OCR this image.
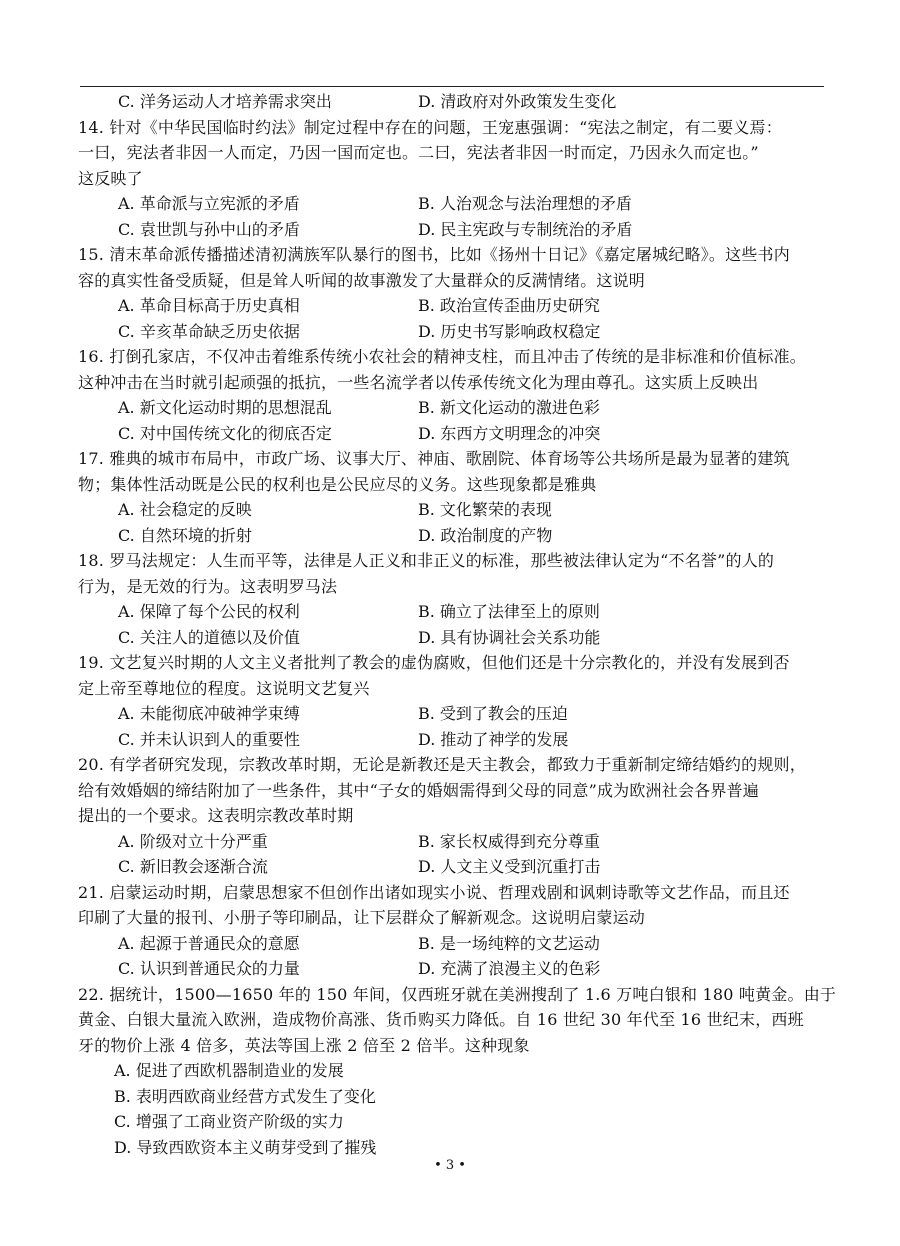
C. 洋务运动人才培养需求突出	D. 清政府对外政策发生变化
14. 针对《中华民国临时约法》制定过程中存在的问题，王宠惠强调：“宪法之制定，有二要义焉：
一曰，宪法者非因一人而定，乃因一国而定也。二曰，宪法者非因一时而定，乃因永久而定也。”
这反映了
A. 革命派与立宪派的矛盾	B. 人治观念与法治理想的矛盾
C. 袁世凯与孙中山的矛盾	D. 民主宪政与专制统治的矛盾
15. 清末革命派传播描述清初满族军队暴行的图书，比如《扬州十日记》《嘉定屠城纪略》。这些书内
容的真实性备受质疑，但是耸人听闻的故事激发了大量群众的反满情绪。这说明
A. 革命目标高于历史真相	B. 政治宣传歪曲历史研究
C. 辛亥革命缺乏历史依据	D. 历史书写影响政权稳定
16. 打倒孔家店，不仅冲击着维系传统小农社会的精神支柱，而且冲击了传统的是非标准和价值标准。
这种冲击在当时就引起顽强的抵抗，一些名流学者以传承传统文化为理由尊孔。这实质上反映出
A. 新文化运动时期的思想混乱	B. 新文化运动的激进色彩
C. 对中国传统文化的彻底否定	D. 东西方文明理念的冲突
17. 雅典的城市布局中，市政广场、议事大厅、神庙、歌剧院、体育场等公共场所是最为显著的建筑
物；集体性活动既是公民的权利也是公民应尽的义务。这些现象都是雅典
A. 社会稳定的反映	B. 文化繁荣的表现
C. 自然环境的折射	D. 政治制度的产物
18. 罗马法规定：人生而平等，法律是人正义和非正义的标准，那些被法律认定为“不名誉”的人的
行为，是无效的行为。这表明罗马法
A. 保障了每个公民的权利	B. 确立了法律至上的原则
C. 关注人的道德以及价值	D. 具有协调社会关系功能
19. 文艺复兴时期的人文主义者批判了教会的虚伪腐败，但他们还是十分宗教化的，并没有发展到否
定上帝至尊地位的程度。这说明文艺复兴
A. 未能彻底冲破神学束缚	B. 受到了教会的压迫
C. 并未认识到人的重要性	D. 推动了神学的发展
20. 有学者研究发现，宗教改革时期，无论是新教还是天主教会，都致力于重新制定缔结婚约的规则，
给有效婚姻的缔结附加了一些条件，其中“子女的婚姻需得到父母的同意”成为欧洲社会各界普遍
提出的一个要求。这表明宗教改革时期
A. 阶级对立十分严重	B. 家长权威得到充分尊重
C. 新旧教会逐渐合流	D. 人文主义受到沉重打击
21. 启蒙运动时期，启蒙思想家不但创作出诸如现实小说、哲理戏剧和讽刺诗歌等文艺作品，而且还
印刷了大量的报刊、小册子等印刷品，让下层群众了解新观念。这说明启蒙运动
A. 起源于普通民众的意愿	B. 是一场纯粹的文艺运动
C. 认识到普通民众的力量	D. 充满了浪漫主义的色彩
22. 据统计，1500—1650 年的 150 年间，仅西班牙就在美洲搜刮了 1.6 万吨白银和 180 吨黄金。由于
黄金、白银大量流入欧洲，造成物价高涨、货币购买力降低。自 16 世纪 30 年代至 16 世纪末，西班
牙的物价上涨 4 倍多，英法等国上涨 2 倍至 2 倍半。这种现象
A. 促进了西欧机器制造业的发展
B. 表明西欧商业经营方式发生了变化
C. 增强了工商业资产阶级的实力
D. 导致西欧资本主义萌芽受到了摧残
• 3 •
